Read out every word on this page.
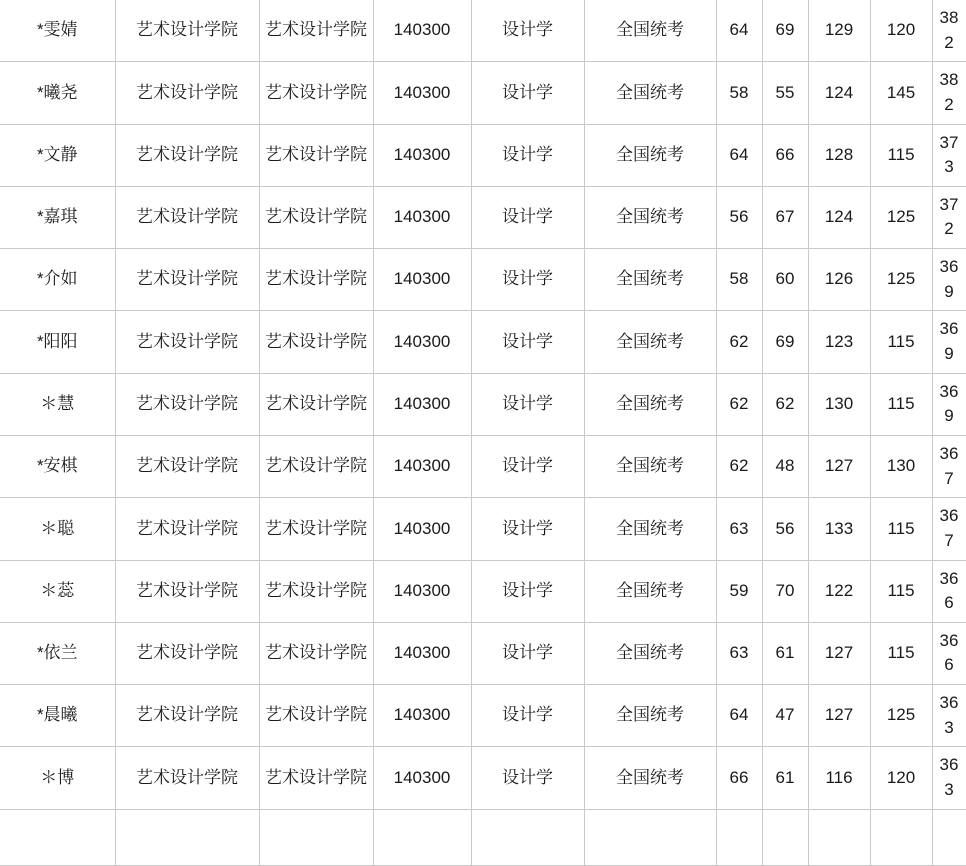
*雯婧	艺术设计学院	艺术设计学院	140300	设计学	全国统考	64	69	129	120	382
*曦尧	艺术设计学院	艺术设计学院	140300	设计学	全国统考	58	55	124	145	382
*文静	艺术设计学院	艺术设计学院	140300	设计学	全国统考	64	66	128	115	373
*嘉琪	艺术设计学院	艺术设计学院	140300	设计学	全国统考	56	67	124	125	372
*介如	艺术设计学院	艺术设计学院	140300	设计学	全国统考	58	60	126	125	369
*阳阳	艺术设计学院	艺术设计学院	140300	设计学	全国统考	62	69	123	115	369
＊慧	艺术设计学院	艺术设计学院	140300	设计学	全国统考	62	62	130	115	369
*安棋	艺术设计学院	艺术设计学院	140300	设计学	全国统考	62	48	127	130	367
＊聪	艺术设计学院	艺术设计学院	140300	设计学	全国统考	63	56	133	115	367
＊蕊	艺术设计学院	艺术设计学院	140300	设计学	全国统考	59	70	122	115	366
*依兰	艺术设计学院	艺术设计学院	140300	设计学	全国统考	63	61	127	115	366
*晨曦	艺术设计学院	艺术设计学院	140300	设计学	全国统考	64	47	127	125	363
＊博	艺术设计学院	艺术设计学院	140300	设计学	全国统考	66	61	116	120	363
